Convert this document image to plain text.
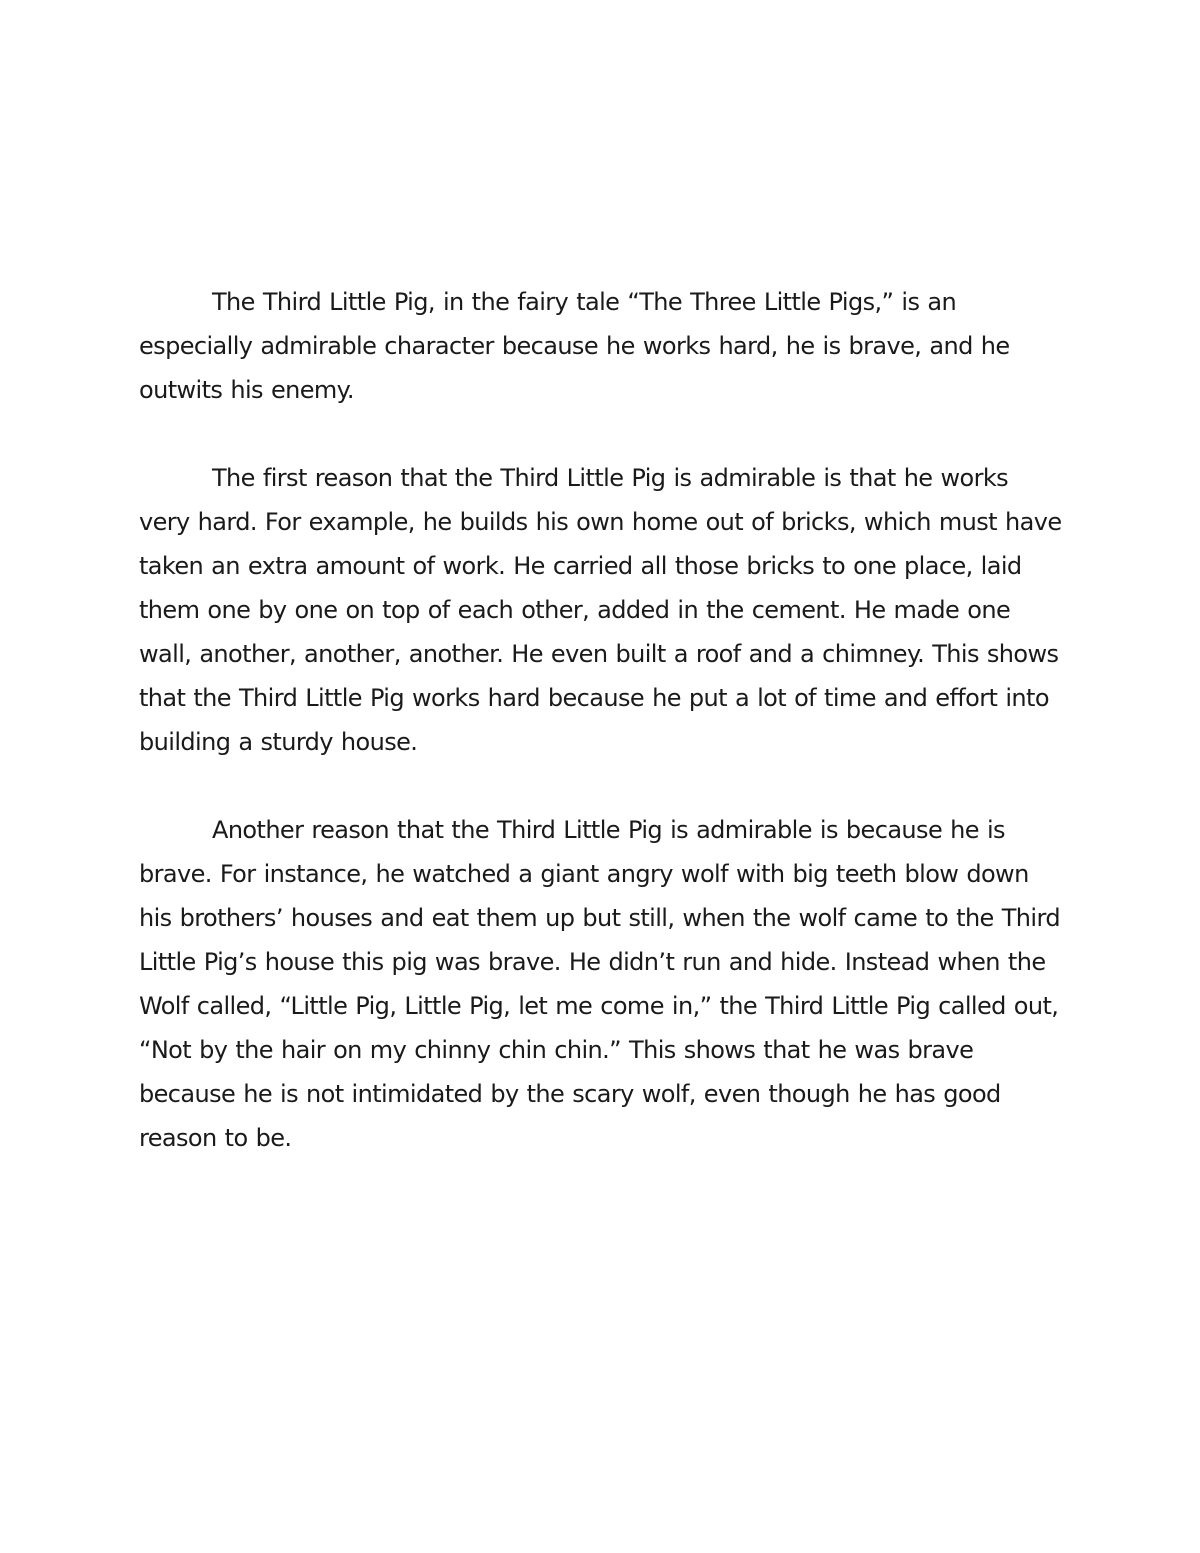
The Third Little Pig, in the fairy tale “The Three Little Pigs,” is an especially admirable character because he works hard, he is brave, and he outwits his enemy.

The first reason that the Third Little Pig is admirable is that he works very hard. For example, he builds his own home out of bricks, which must have taken an extra amount of work. He carried all those bricks to one place, laid them one by one on top of each other, added in the cement. He made one wall, another, another, another. He even built a roof and a chimney. This shows that the Third Little Pig works hard because he put a lot of time and effort into building a sturdy house.

Another reason that the Third Little Pig is admirable is because he is brave. For instance, he watched a giant angry wolf with big teeth blow down his brothers’ houses and eat them up but still, when the wolf came to the Third Little Pig’s house this pig was brave. He didn’t run and hide. Instead when the Wolf called, “Little Pig, Little Pig, let me come in,” the Third Little Pig called out, “Not by the hair on my chinny chin chin.” This shows that he was brave because he is not intimidated by the scary wolf, even though he has good reason to be.
